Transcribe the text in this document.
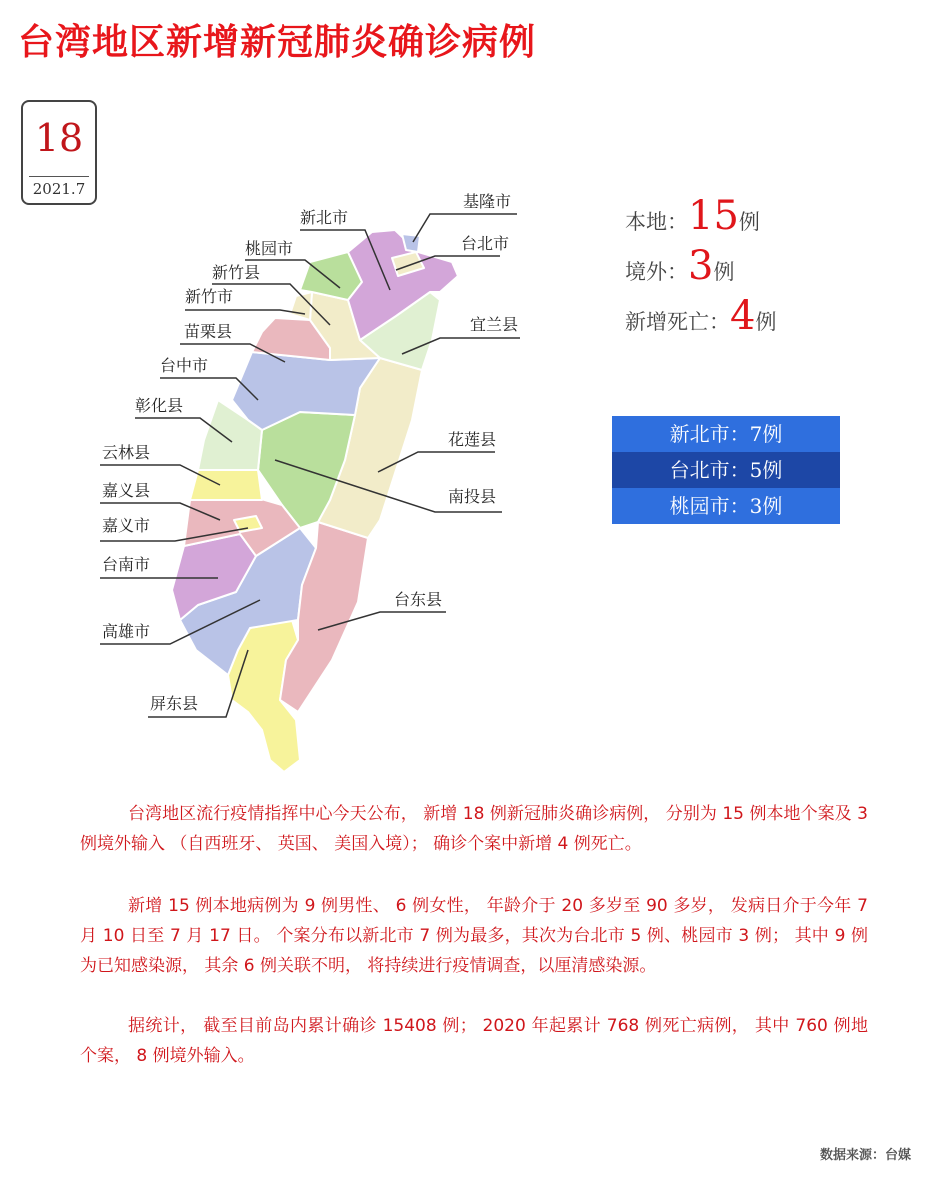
台湾地区新增新冠肺炎确诊病例
18
2021.7
基隆市
新北市
台北市
桃园市
新竹县
新竹市
宜兰县
苗栗县
台中市
彰化县
花莲县
云林县
南投县
嘉义县
嘉义市
台南市
台东县
高雄市
屏东县
本地：15例
境外：3例
新增死亡：4例
新北市：7例
台北市：5例
桃园市：3例
台湾地区流行疫情指挥中心今天公布， 新增 18 例新冠肺炎确诊病例， 分别为 15 例本地个案及 3 例境外输入 （自西班牙、 英国、 美国入境）； 确诊个案中新增 4 例死亡。
新增 15 例本地病例为 9 例男性、 6 例女性， 年龄介于 20 多岁至 90 多岁， 发病日介于今年 7 月 10 日至 7 月 17 日。 个案分布以新北市 7 例为最多，其次为台北市 5 例、桃园市 3 例； 其中 9 例为已知感染源， 其余 6 例关联不明， 将持续进行疫情调查，以厘清感染源。
据统计， 截至目前岛内累计确诊 15408 例； 2020 年起累计 768 例死亡病例， 其中 760 例地个案， 8 例境外输入。
数据来源：台媒
